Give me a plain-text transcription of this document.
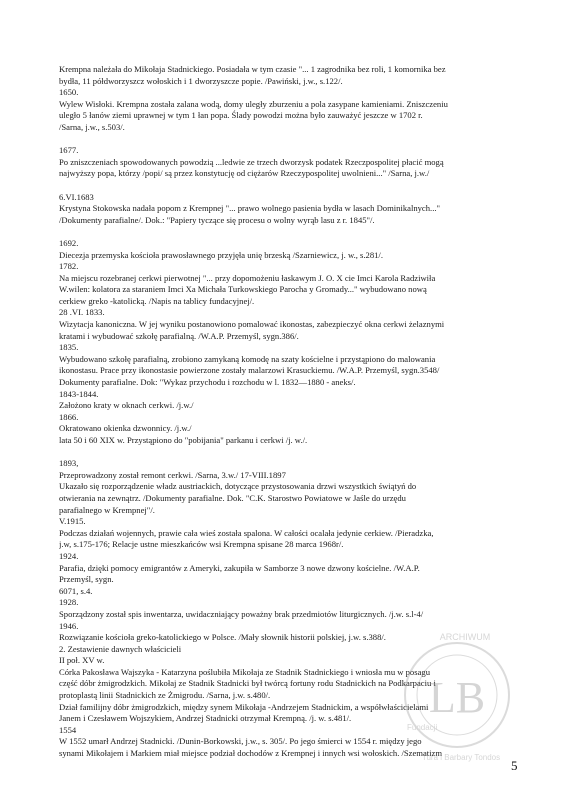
Krempna należała do Mikołaja Stadnickiego. Posiadała w tym czasie "... 1 zagrodnika bez roli, 1 komornika bez
bydła, 11 półdworzyszcz wołoskich i 1 dworzyszcze popie. /Pawiński, j.w., s.122/.
1650.
Wylew Wisłoki. Krempna została zalana wodą, domy uległy zburzeniu a pola zasypane kamieniami. Zniszczeniu
uległo 5 łanów ziemi uprawnej w tym 1 łan popa. Ślady powodzi można było zauważyć jeszcze w 1702 r.
/Sarna, j.w., s.503/.
1677.
Po zniszczeniach spowodowanych powodzią ...ledwie ze trzech dworzysk podatek Rzeczpospolitej płacić mogą
najwyższy popa, którzy /popi/ są przez konstytucję od ciężarów Rzeczypospolitej uwolnieni..." /Sarna, j.w./
6.VI.1683
Krystyna Stokowska nadała popom z Krempnej "... prawo wolnego pasienia bydła w lasach Dominikalnych..."
/Dokumenty parafialne/. Dok.: "Papiery tyczące się procesu o wolny wyrąb lasu z r. 1845"/.
1692.
Diecezja przemyska kościoła prawosławnego przyjęła unię brzeską /Szarniewicz, j. w., s.281/.
1782.
Na miejscu rozebranej cerkwi pierwotnej "... przy dopomożeniu łaskawym J. O. X cie Imci Karola Radziwiła
W.wilen: kolatora za staraniem Imci Xa Michała Turkowskiego Parocha y Gromady..." wybudowano nową
cerkiew greko -katolicką. /Napis na tablicy fundacyjnej/.
28 .VI. 1833.
Wizytacja kanoniczna. W jej wyniku postanowiono pomalować ikonostas, zabezpieczyć okna cerkwi żelaznymi
kratami i wybudować szkołę parafialną. /W.A.P. Przemyśl, sygn.386/.
1835.
Wybudowano szkołę parafialną, zrobiono zamykaną komodę na szaty kościelne i przystąpiono do malowania
ikonostasu. Prace przy ikonostasie powierzone zostały malarzowi Krasuckiemu. /W.A.P. Przemyśl, sygn.3548/
Dokumenty parafialne. Dok: "Wykaz przychodu i rozchodu w l. 1832—1880 - aneks/.
1843-1844.
Założono kraty w oknach cerkwi. /j.w./
1866.
Okratowano okienka dzwonnicy. /j.w./
lata 50 i 60 XIX w. Przystąpiono do "pobijania" parkanu i cerkwi /j. w./.
1893,
Przeprowadzony został remont cerkwi. /Sarna, 3.w./ 17-VIII.1897
Ukazało się rozporządzenie władz austriackich, dotyczące przystosowania drzwi wszystkich świątyń do
otwierania na zewnątrz. /Dokumenty parafialne. Dok. "C.K. Starostwo Powiatowe w Jaśle do urzędu
parafialnego w Krempnej"/.
V.1915.
Podczas działań wojennych, prawie cała wieś została spalona. W całości ocalała jedynie cerkiew. /Pieradzka,
j.w, s.175-176; Relacje ustne mieszkańców wsi Krempna spisane 28 marca 1968r/.
1924.
Parafia, dzięki pomocy emigrantów z Ameryki, zakupiła w Samborze 3 nowe dzwony kościelne. /W.A.P.
Przemyśl, sygn.
6071, s.4.
1928.
Sporządzony został spis inwentarza, uwidaczniający poważny brak przedmiotów liturgicznych. /j.w. s.l-4/
1946.
Rozwiązanie kościoła greko-katolickiego w Polsce. /Mały słownik historii polskiej, j.w. s.388/.
2. Zestawienie dawnych właścicieli
II poł. XV w.
Córka Pakosława Wajszyka - Katarzyna poślubiła Mikołaja ze Stadnik Stadnickiego i wniosła mu w posagu
część dóbr żmigrodzkich. Mikołaj ze Stadnik Stadnicki był twórcą fortuny rodu Stadnickich na Podkarpaciu i
protoplastą linii Stadnickich ze Żmigrodu. /Sarna, j.w. s.480/.
Dział familijny dóbr żmigrodzkich, między synem Mikołaja -Andrzejem Stadnickim, a współwłaścicielami
Janem i Czesławem Wojszykiem, Andrzej Stadnicki otrzymał Krempną. /j. w. s.481/.
1554
W 1552 umarł Andrzej Stadnicki. /Dunin-Borkowski, j.w., s. 305/. Po jego śmierci w 1554 r. między jego
synami Mikołajem i Markiem miał miejsce podział dochodów z Krempnej i innych wsi wołoskich. /Szematizm
LB
ARCHIWUM
Fundacji
Tura i Barbary Tondos
5
